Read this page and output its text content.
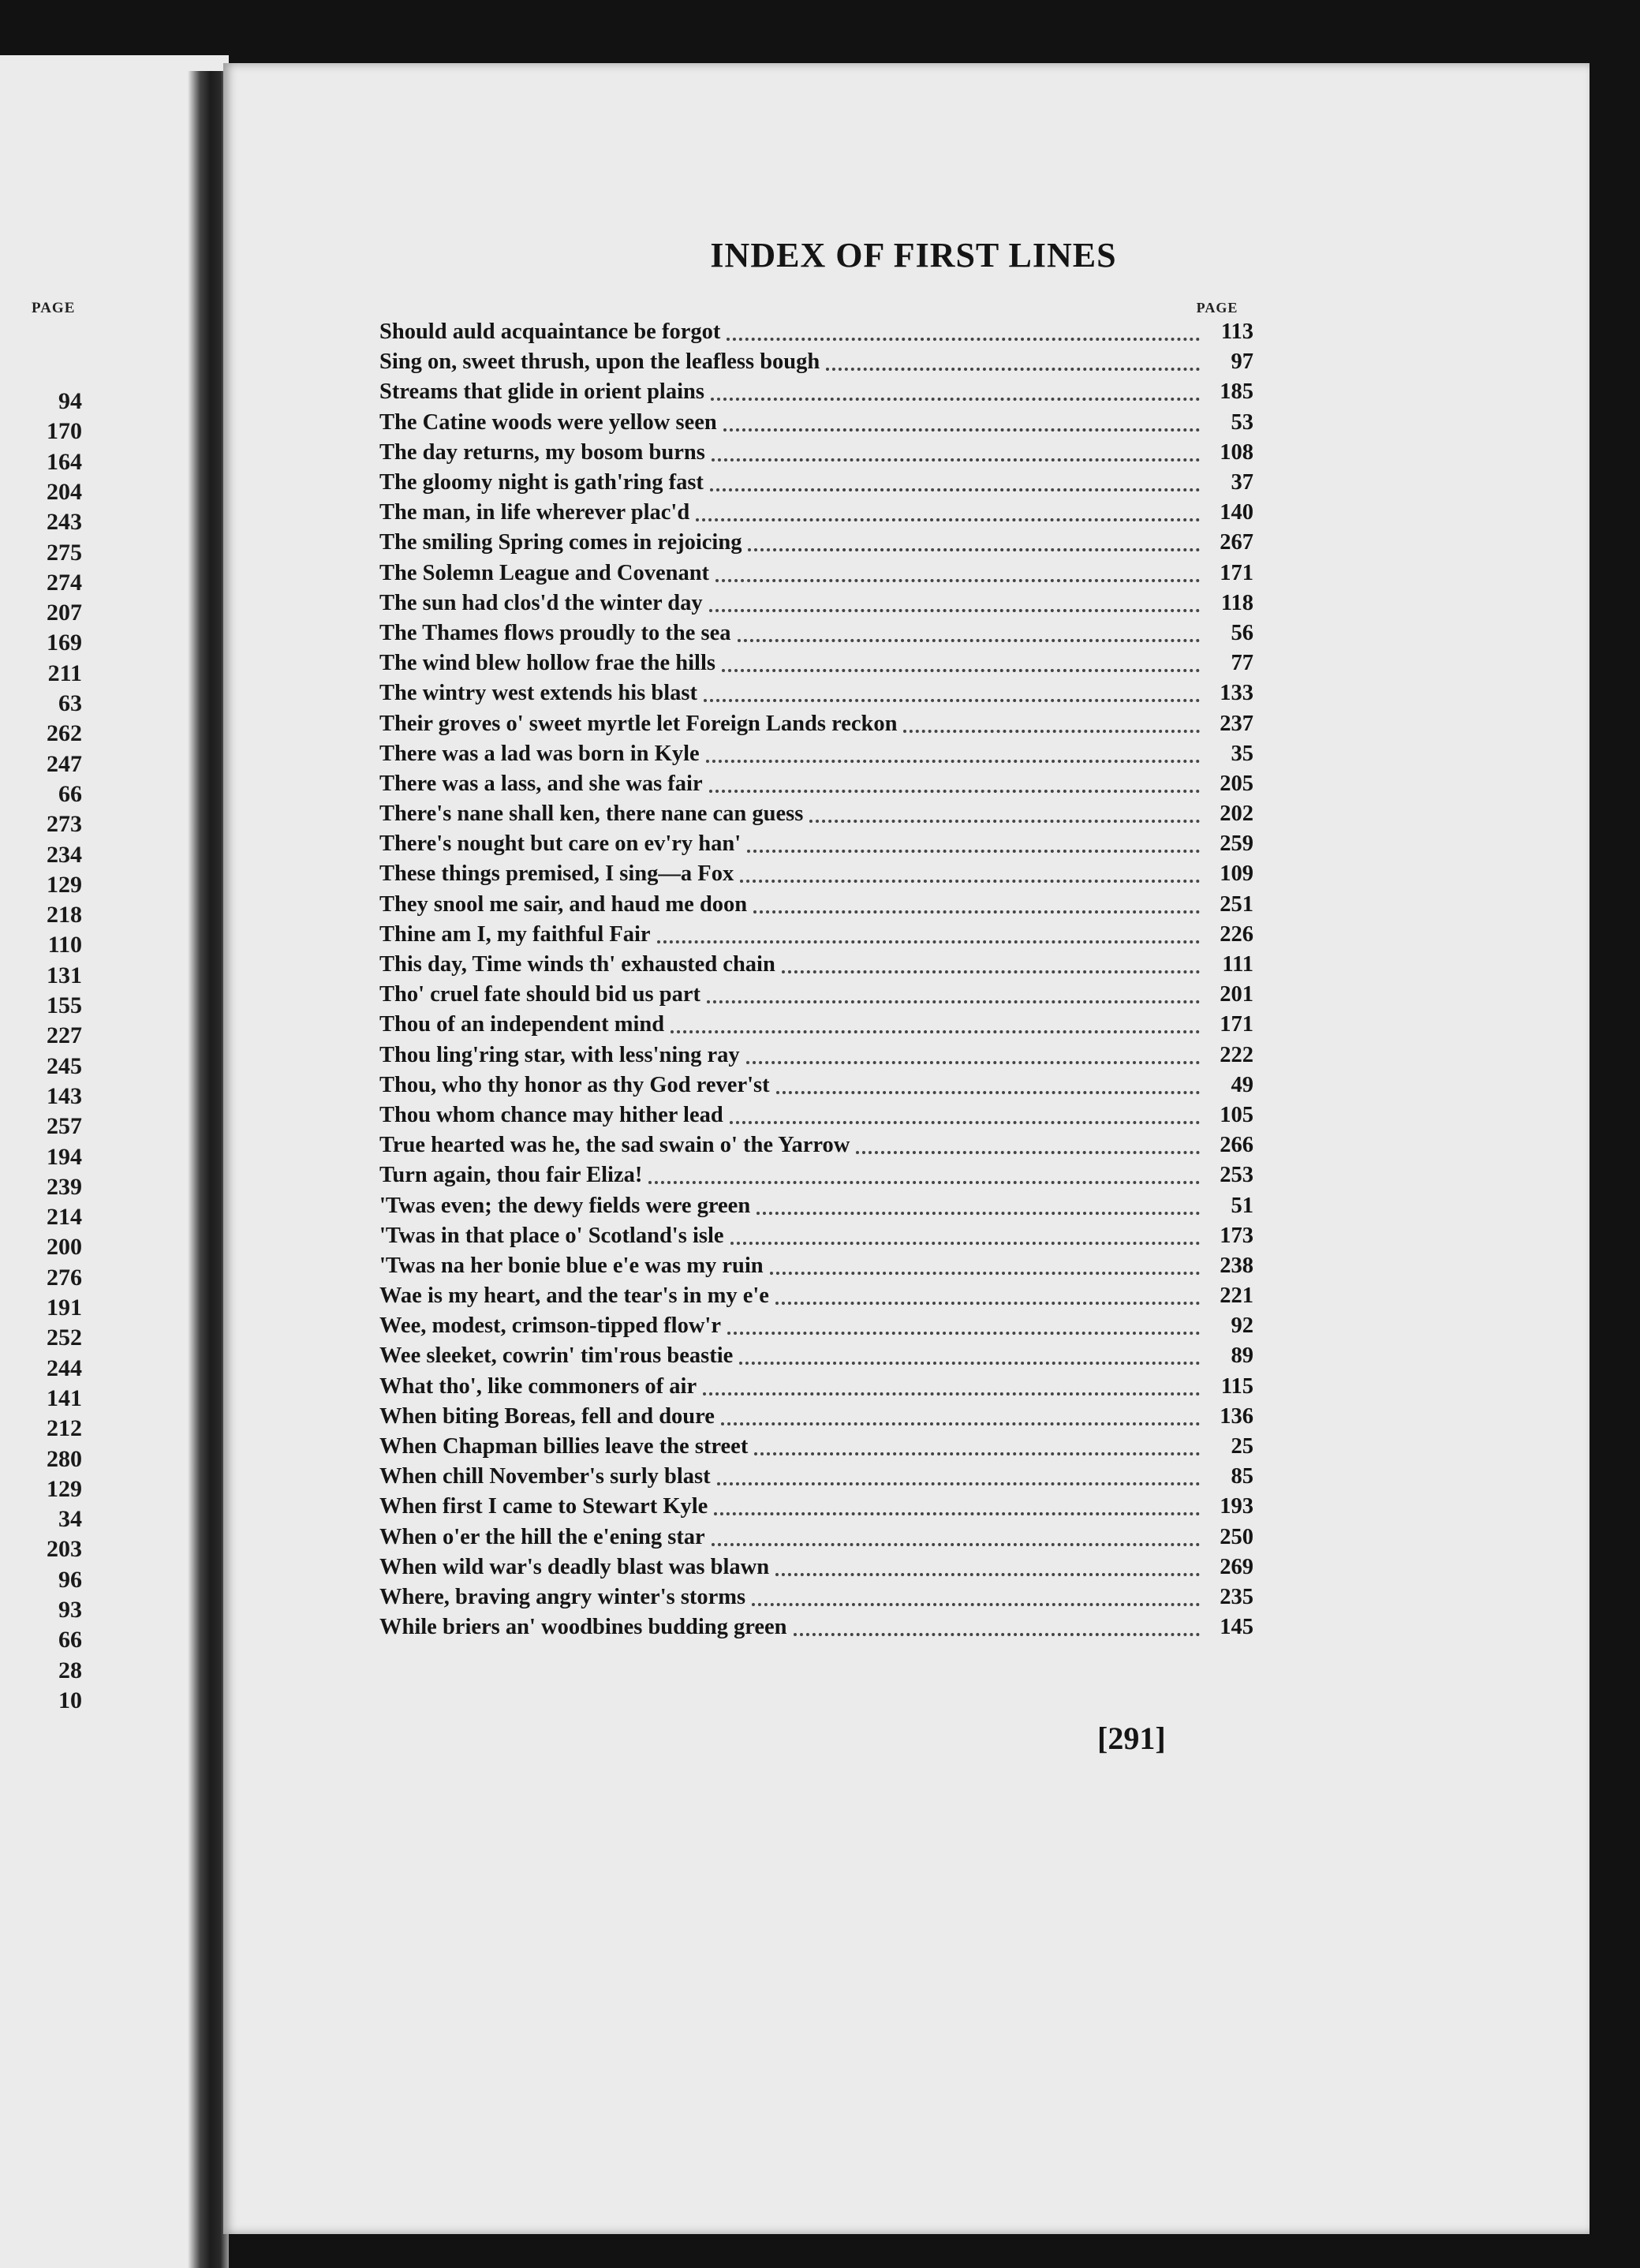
PAGE
94
170
164
204
243
275
274
207
169
211
63
262
247
66
273
234
129
218
110
131
155
227
245
143
257
194
239
214
200
276
191
252
244
141
212
280
129
34
203
96
93
66
28
10
INDEX OF FIRST LINES
PAGE
Should auld acquaintance be forgot	113
Sing on, sweet thrush, upon the leafless bough	97
Streams that glide in orient plains	185
The Catine woods were yellow seen	53
The day returns, my bosom burns	108
The gloomy night is gath'ring fast	37
The man, in life wherever plac'd	140
The smiling Spring comes in rejoicing	267
The Solemn League and Covenant	171
The sun had clos'd the winter day	118
The Thames flows proudly to the sea	56
The wind blew hollow frae the hills	77
The wintry west extends his blast	133
Their groves o' sweet myrtle let Foreign Lands reckon	237
There was a lad was born in Kyle	35
There was a lass, and she was fair	205
There's nane shall ken, there nane can guess	202
There's nought but care on ev'ry han'	259
These things premised, I sing—a Fox	109
They snool me sair, and haud me doon	251
Thine am I, my faithful Fair	226
This day, Time winds th' exhausted chain	111
Tho' cruel fate should bid us part	201
Thou of an independent mind	171
Thou ling'ring star, with less'ning ray	222
Thou, who thy honor as thy God rever'st	49
Thou whom chance may hither lead	105
True hearted was he, the sad swain o' the Yarrow	266
Turn again, thou fair Eliza!	253
'Twas even; the dewy fields were green	51
'Twas in that place o' Scotland's isle	173
'Twas na her bonie blue e'e was my ruin	238
Wae is my heart, and the tear's in my e'e	221
Wee, modest, crimson-tipped flow'r	92
Wee sleeket, cowrin' tim'rous beastie	89
What tho', like commoners of air	115
When biting Boreas, fell and doure	136
When Chapman billies leave the street	25
When chill November's surly blast	85
When first I came to Stewart Kyle	193
When o'er the hill the e'ening star	250
When wild war's deadly blast was blawn	269
Where, braving angry winter's storms	235
While briers an' woodbines budding green	145
[291]
